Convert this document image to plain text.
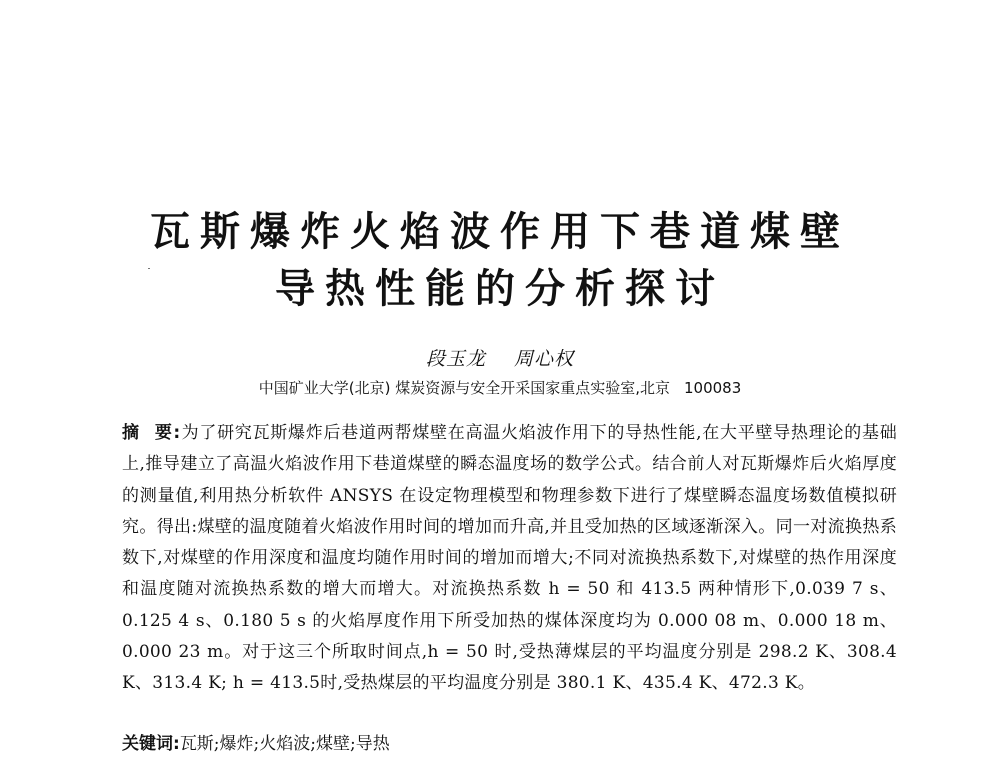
瓦斯爆炸火焰波作用下巷道煤壁
导热性能的分析探讨
段玉龙 周心权
中国矿业大学(北京) 煤炭资源与安全开采国家重点实验室,北京 100083
摘 要:为了研究瓦斯爆炸后巷道两帮煤壁在高温火焰波作用下的导热性能,在大平壁导热理论的基础上,推导建立了高温火焰波作用下巷道煤壁的瞬态温度场的数学公式。结合前人对瓦斯爆炸后火焰厚度的测量值,利用热分析软件 ANSYS 在设定物理模型和物理参数下进行了煤壁瞬态温度场数值模拟研究。得出:煤壁的温度随着火焰波作用时间的增加而升高,并且受加热的区域逐渐深入。同一对流换热系数下,对煤壁的作用深度和温度均随作用时间的增加而增大;不同对流换热系数下,对煤壁的热作用深度和温度随对流换热系数的增大而增大。对流换热系数 h = 50 和 413.5 两种情形下,0.039 7 s、0.125 4 s、0.180 5 s 的火焰厚度作用下所受加热的煤体深度均为 0.000 08 m、0.000 18 m、0.000 23 m。对于这三个所取时间点,h = 50 时,受热薄煤层的平均温度分别是 298.2 K、308.4 K、313.4 K; h = 413.5时,受热煤层的平均温度分别是 380.1 K、435.4 K、472.3 K。
关键词:瓦斯;爆炸;火焰波;煤壁;导热
